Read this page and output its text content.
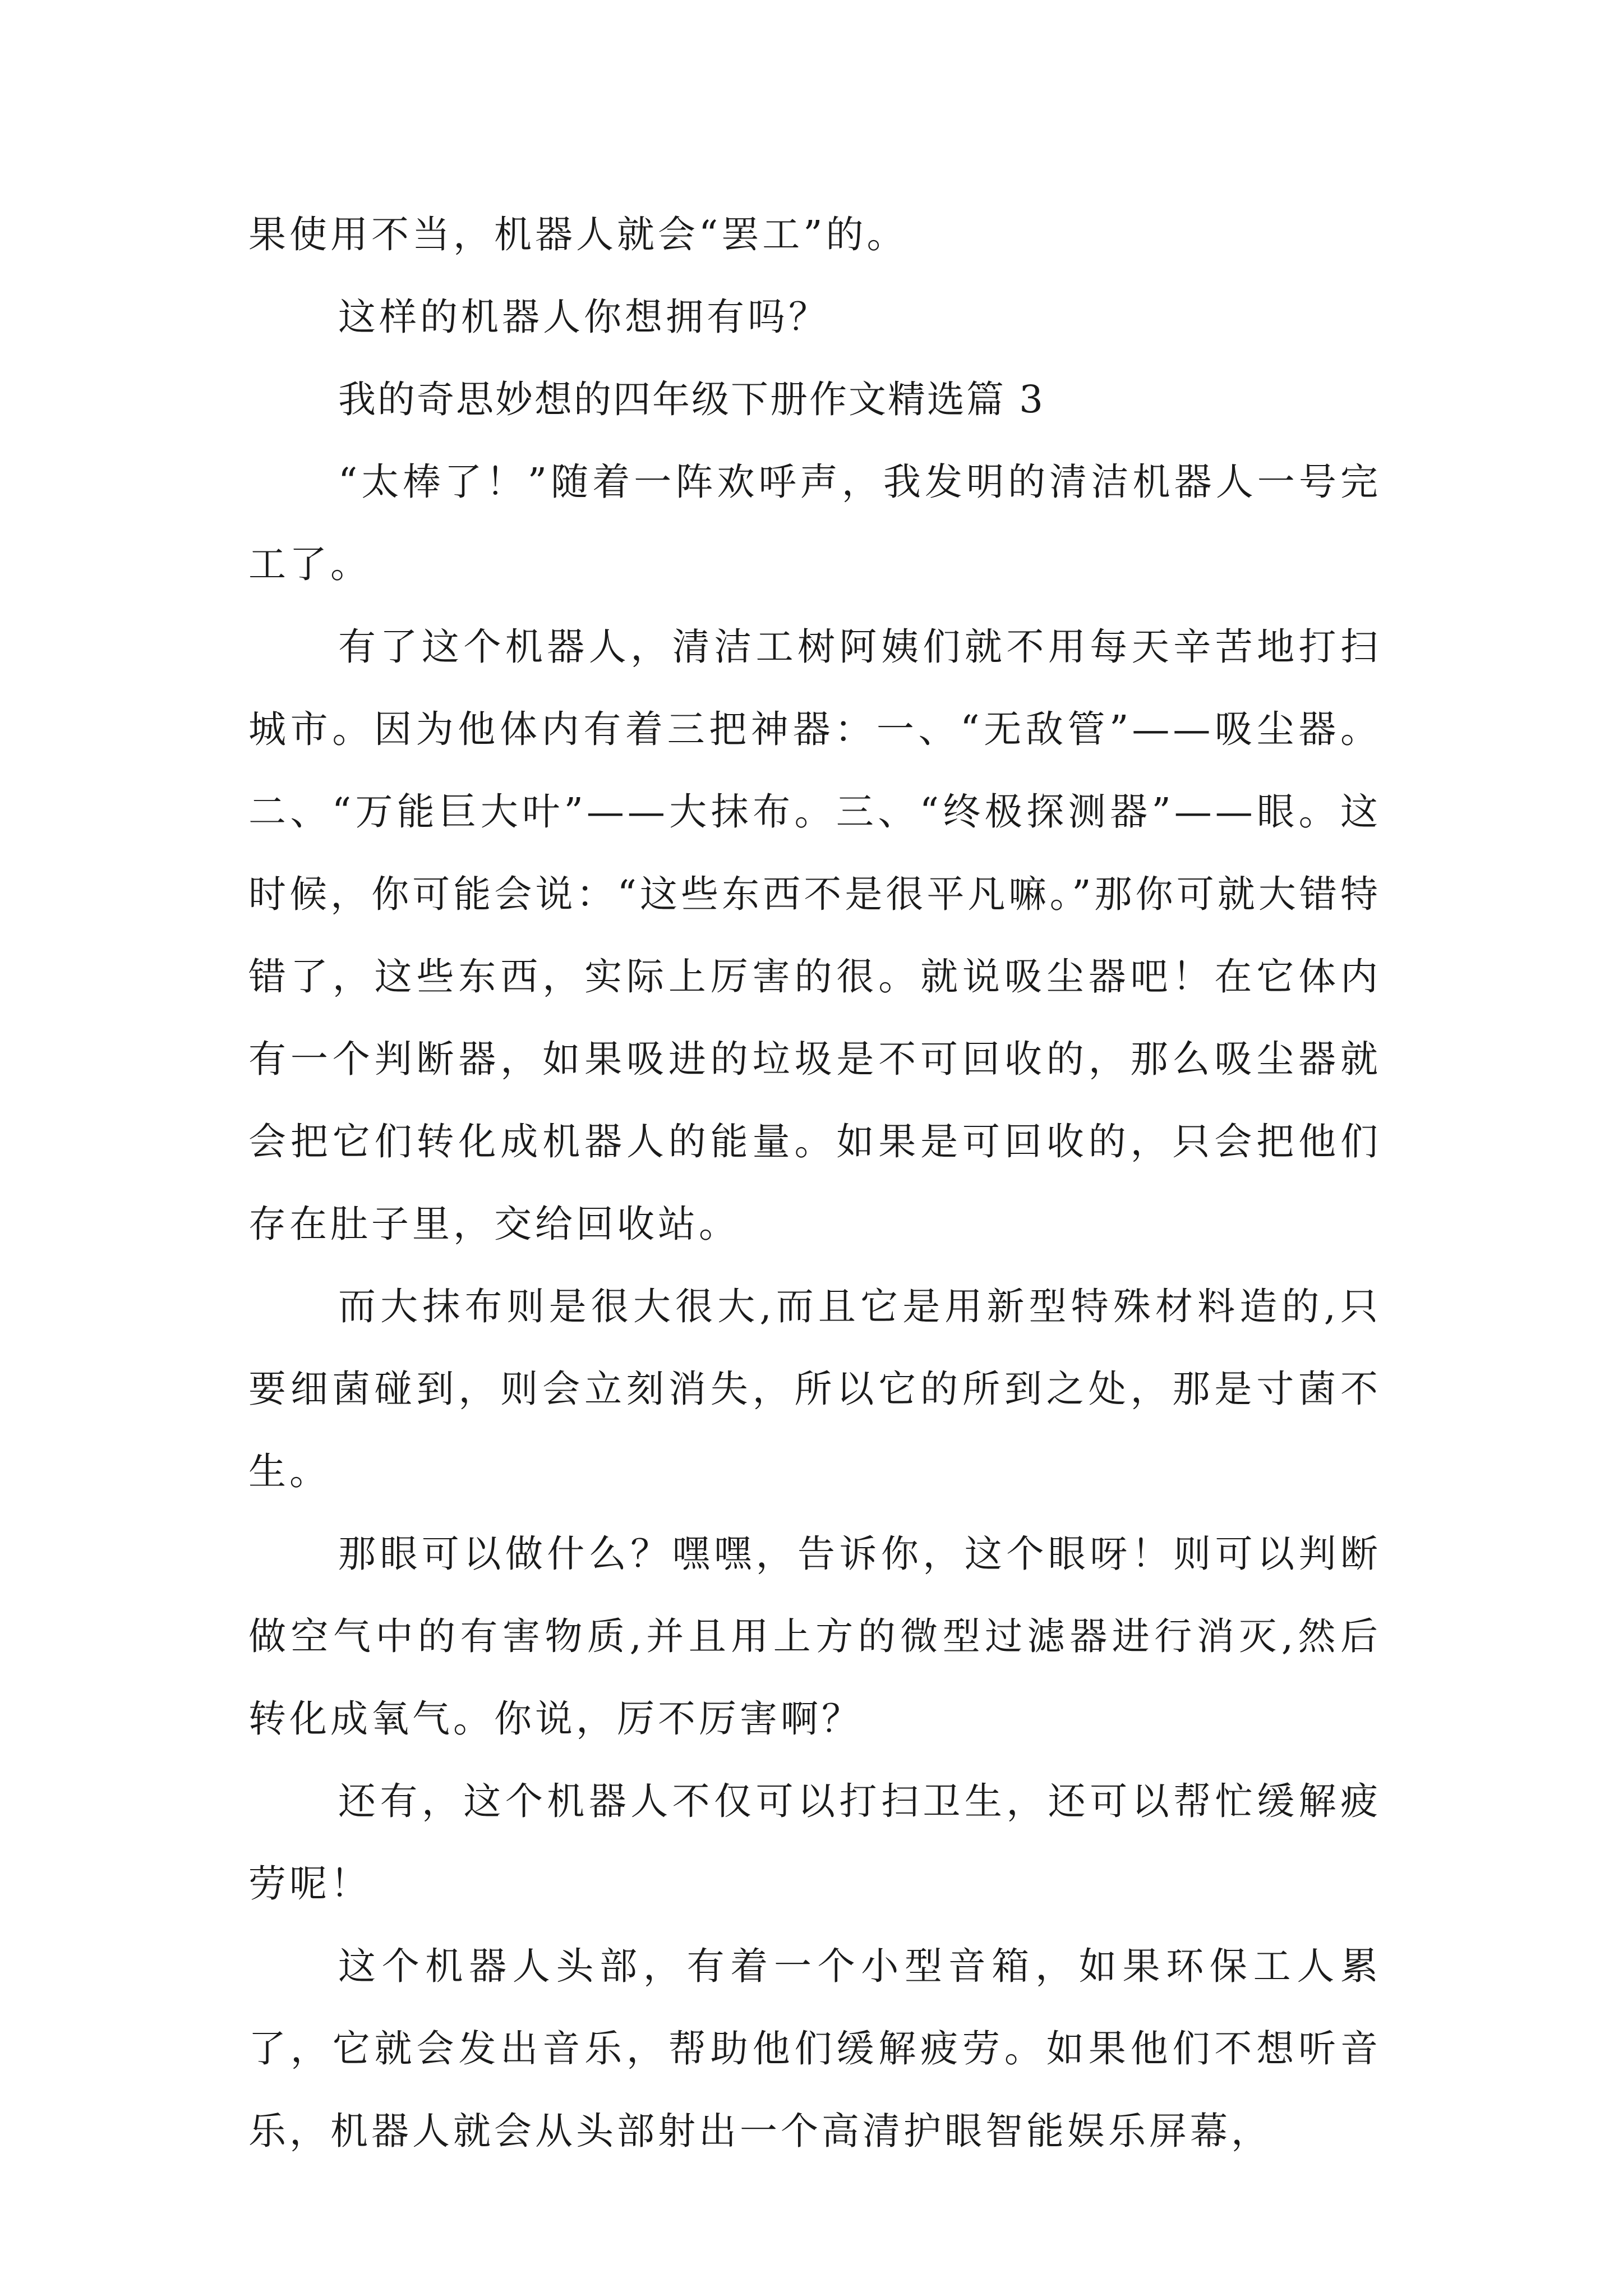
果使用不当，机器人就会“罢工”的。

这样的机器人你想拥有吗？

我的奇思妙想的四年级下册作文精选篇 3

“太棒了！”随着一阵欢呼声，我发明的清洁机器人一号完工了。

有了这个机器人，清洁工树阿姨们就不用每天辛苦地打扫城市。因为他体内有着三把神器：一、“无敌管”——吸尘器。二、“万能巨大叶”——大抹布。三、“终极探测器”——眼。这时候，你可能会说：“这些东西不是很平凡嘛。”那你可就大错特错了，这些东西，实际上厉害的很。就说吸尘器吧！在它体内有一个判断器，如果吸进的垃圾是不可回收的，那么吸尘器就会把它们转化成机器人的能量。如果是可回收的，只会把他们存在肚子里，交给回收站。

而大抹布则是很大很大,而且它是用新型特殊材料造的,只要细菌碰到，则会立刻消失，所以它的所到之处，那是寸菌不生。

那眼可以做什么？嘿嘿，告诉你，这个眼呀！则可以判断做空气中的有害物质,并且用上方的微型过滤器进行消灭,然后转化成氧气。你说，厉不厉害啊？

还有，这个机器人不仅可以打扫卫生，还可以帮忙缓解疲劳呢！

这个机器人头部，有着一个小型音箱，如果环保工人累了，它就会发出音乐，帮助他们缓解疲劳。如果他们不想听音乐，机器人就会从头部射出一个高清护眼智能娱乐屏幕，
